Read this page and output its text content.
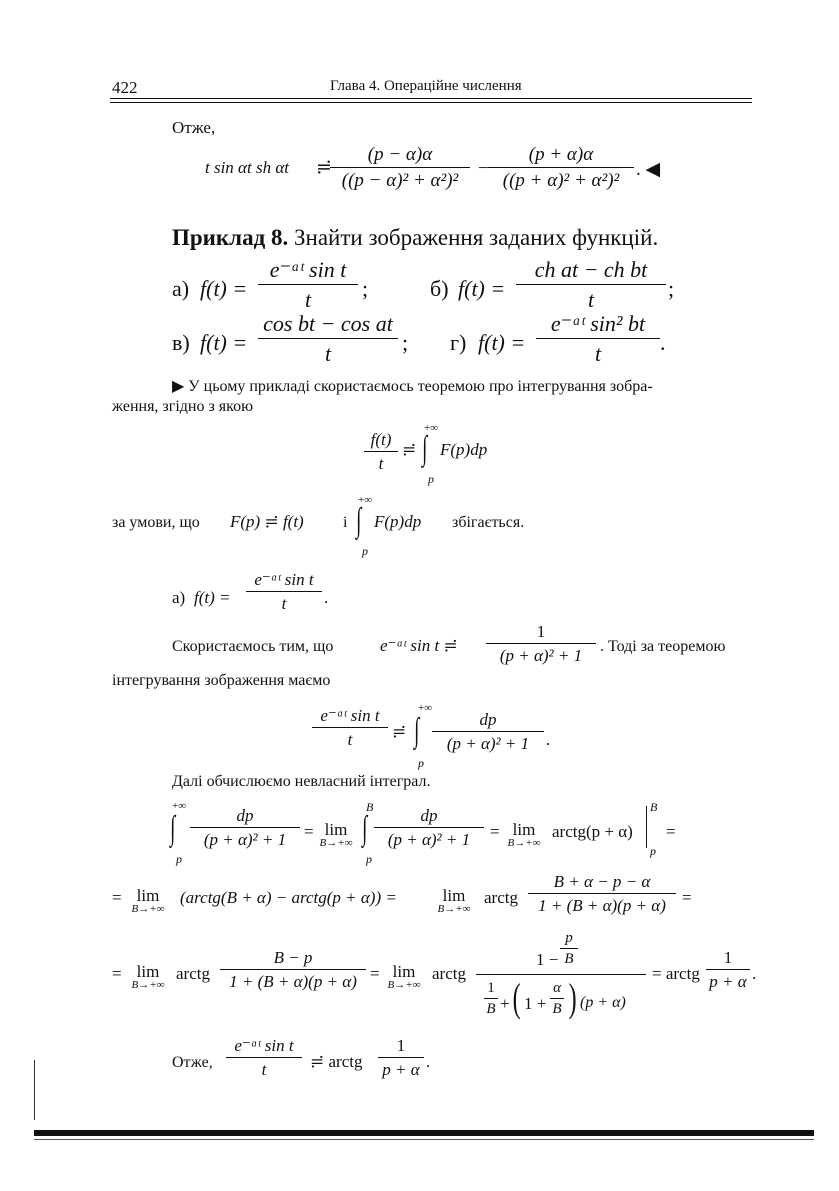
422	Глава 4. Операційне числення
Отже,
t sin αt sh αt ≓
(p − α)α
((p − α)² + α²)²
−
(p + α)α
((p + α)² + α²)²
. ◀
Приклад 8. Знайти зображення заданих функцій.
а) f(t) =
e⁻ᵃᵗ sin t
t	;	б) f(t) =
ch at − ch bt
t	;
в) f(t) =
cos bt − cos at
t	; г) f(t) =
e⁻ᵃᵗ sin² bt
t	.
▶ У цьому прикладі скористаємось теоремою про інтегрування зобра-
ження, згідно з якою
f(t)
t
≓
+∞
∫
p
F(p)dp
за умови, що F(p) ≓ f(t) і
+∞
∫
p
F(p)dp збігається.
а) f(t) =
e⁻ᵅᵗ sin t
t	.
Скористаємось тим, що	e⁻ᵅᵗ sin t ≓
1
(p + α)² + 1	. Тоді за теоремою
інтегрування зображення маємо
e⁻ᵅᵗ sin t
t	≓
+∞
∫
p
dp
(p + α)² + 1 .
Далі обчислюємо невласний інтеграл.
+∞
∫
p
dp
(p + α)² + 1	= lim
B→+∞
B
∫
p
dp
(p + α)² + 1	= lim
B→+∞
arctg(p + α)
B
p
=
= lim
B→+∞
(arctg(B + α) − arctg(p + α)) =	lim
B→+∞
arctg
B + α − p − α
1 + (B + α)(p + α) =
= lim
B→+∞
arctg
B − p
1 + (B + α)(p + α) = lim
B→+∞
arctg
1 −
p
B
1
B + ( 1 +
α
B ) (p + α)
= arctg
1
p + α .
Отже,
e⁻ᵅᵗ sin t
t	≓ arctg
1
p + α .
